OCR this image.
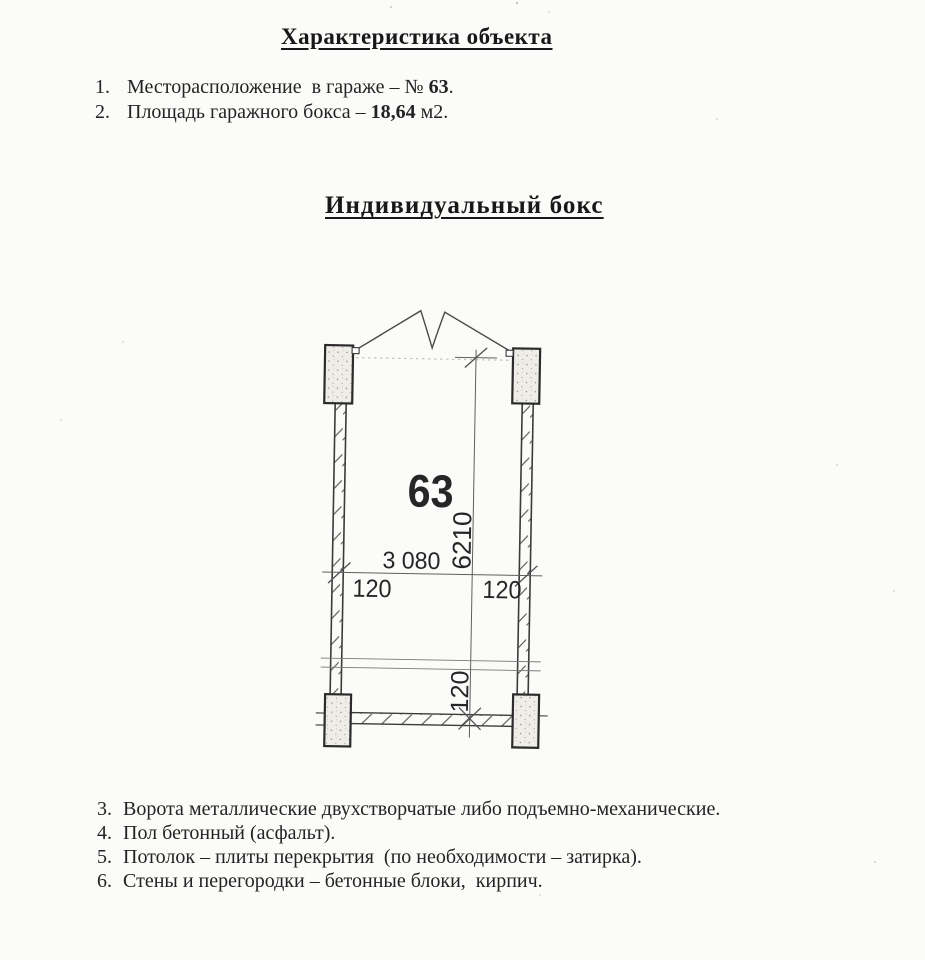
Характеристика объекта
1. Месторасположение  в гараже – № 63.
2. Площадь гаражного бокса – 18,64 м2.
Индивидуальный бокс
63
3 080
120	120
6210
120
3. Ворота металлические двухстворчатые либо подъемно-механические.
4. Пол бетонный (асфальт).
5. Потолок – плиты перекрытия  (по необходимости – затирка).
6. Стены и перегородки – бетонные блоки,  кирпич.
